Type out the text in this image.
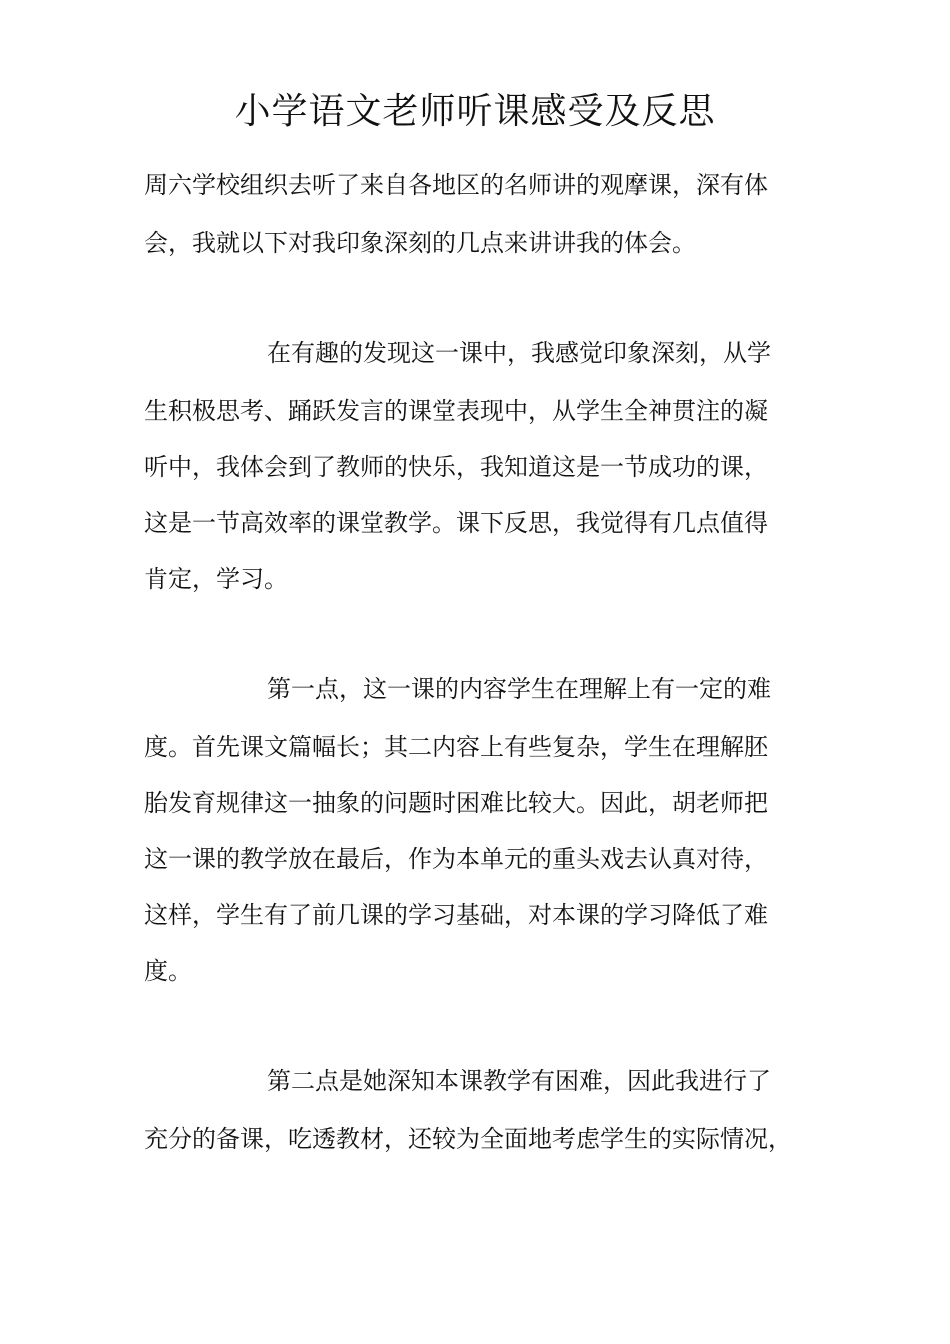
小学语文老师听课感受及反思

周六学校组织去听了来自各地区的名师讲的观摩课，深有体

会，我就以下对我印象深刻的几点来讲讲我的体会。

在有趣的发现这一课中，我感觉印象深刻，从学

生积极思考、踊跃发言的课堂表现中，从学生全神贯注的凝

听中，我体会到了教师的快乐，我知道这是一节成功的课，

这是一节高效率的课堂教学。课下反思，我觉得有几点值得

肯定，学习。

第一点，这一课的内容学生在理解上有一定的难

度。首先课文篇幅长；其二内容上有些复杂，学生在理解胚

胎发育规律这一抽象的问题时困难比较大。因此，胡老师把

这一课的教学放在最后，作为本单元的重头戏去认真对待，

这样，学生有了前几课的学习基础，对本课的学习降低了难

度。

第二点是她深知本课教学有困难，因此我进行了

充分的备课，吃透教材，还较为全面地考虑学生的实际情况，
